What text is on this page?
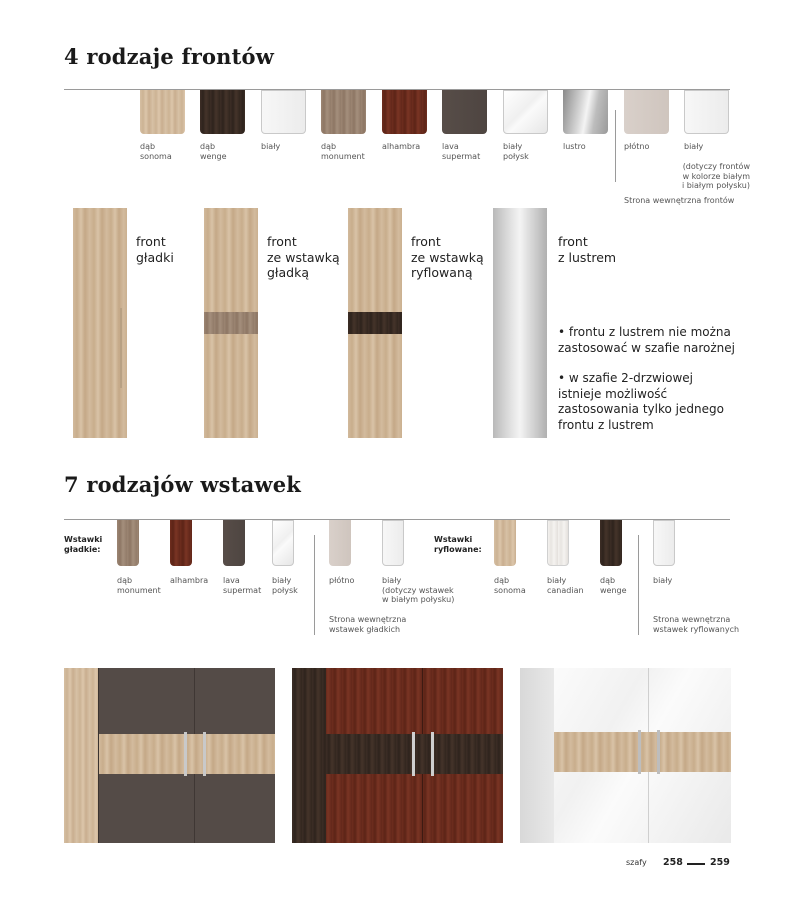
4 rodzaje frontów
dąb
sonoma
dąb
wenge
biały	dąb
monument
alhambra	lava
supermat
biały
połysk
lustro	płótno	biały
(dotyczy frontów
w kolorze białym
i białym połysku)
Strona wewnętrzna frontów
front
gładki
front
ze wstawką
gładką
front
ze wstawką
ryflowaną
front
z lustrem
• frontu z lustrem nie można zastosować w szafie narożnej
• w szafie 2-drzwiowej istnieje możliwość zastosowania tylko jednego frontu z lustrem
7 rodzajów wstawek
Wstawki
gładkie:
Wstawki
ryflowane:
dąb
monument
alhambra lava
supermat
biały
połysk
płótno	biały
(dotyczy wstawek
w białym połysku)
dąb
sonoma
biały
canadian
dąb
wenge
biały
Strona wewnętrzna
wstawek gładkich
Strona wewnętrzna
wstawek ryflowanych
szafy 258	259
